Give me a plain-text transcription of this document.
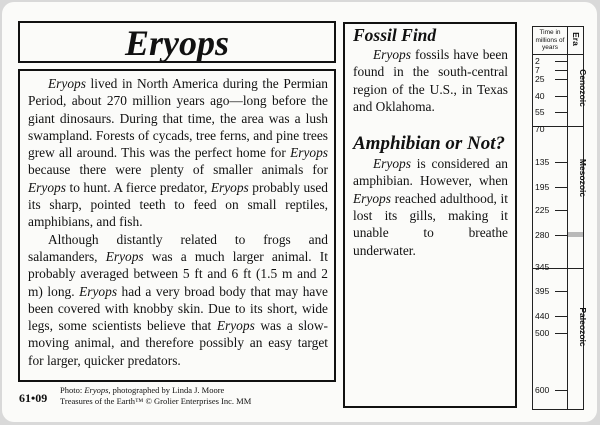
Eryops

Eryops lived in North America during the Permian Period, about 270 million years ago—long before the giant dinosaurs. During that time, the area was a lush swampland. Forests of cycads, tree ferns, and pine trees grew all around. This was the perfect home for Eryops because there were plenty of smaller animals for Eryops to hunt. A fierce predator, Eryops probably used its sharp, pointed teeth to feed on small reptiles, amphibians, and fish.

Although distantly related to frogs and salamanders, Eryops was a much larger animal. It probably averaged between 5 ft and 6 ft (1.5 m and 2 m) long. Eryops had a very broad body that may have been covered with knobby skin. Due to its short, wide legs, some scientists believe that Eryops was a slow-moving animal, and therefore possibly an easy target for larger, quicker predators.

61•09
Photo: Eryops, photographed by Linda J. Moore
Treasures of the Earth™ © Grolier Enterprises Inc. MM
Fossil Find

Eryops fossils have been found in the south-central region of the U.S., in Texas and Oklahoma.

Amphibian or Not?

Eryops is considered an amphibian. However, when Eryops reached adulthood, it lost its gills, making it unable to breathe underwater.

Time in millions of years
Era
Cenozoic
Mesozoic
Paleozoic
2
7
25
40
55
70
135
195
225
280
345
395
440
500
600
